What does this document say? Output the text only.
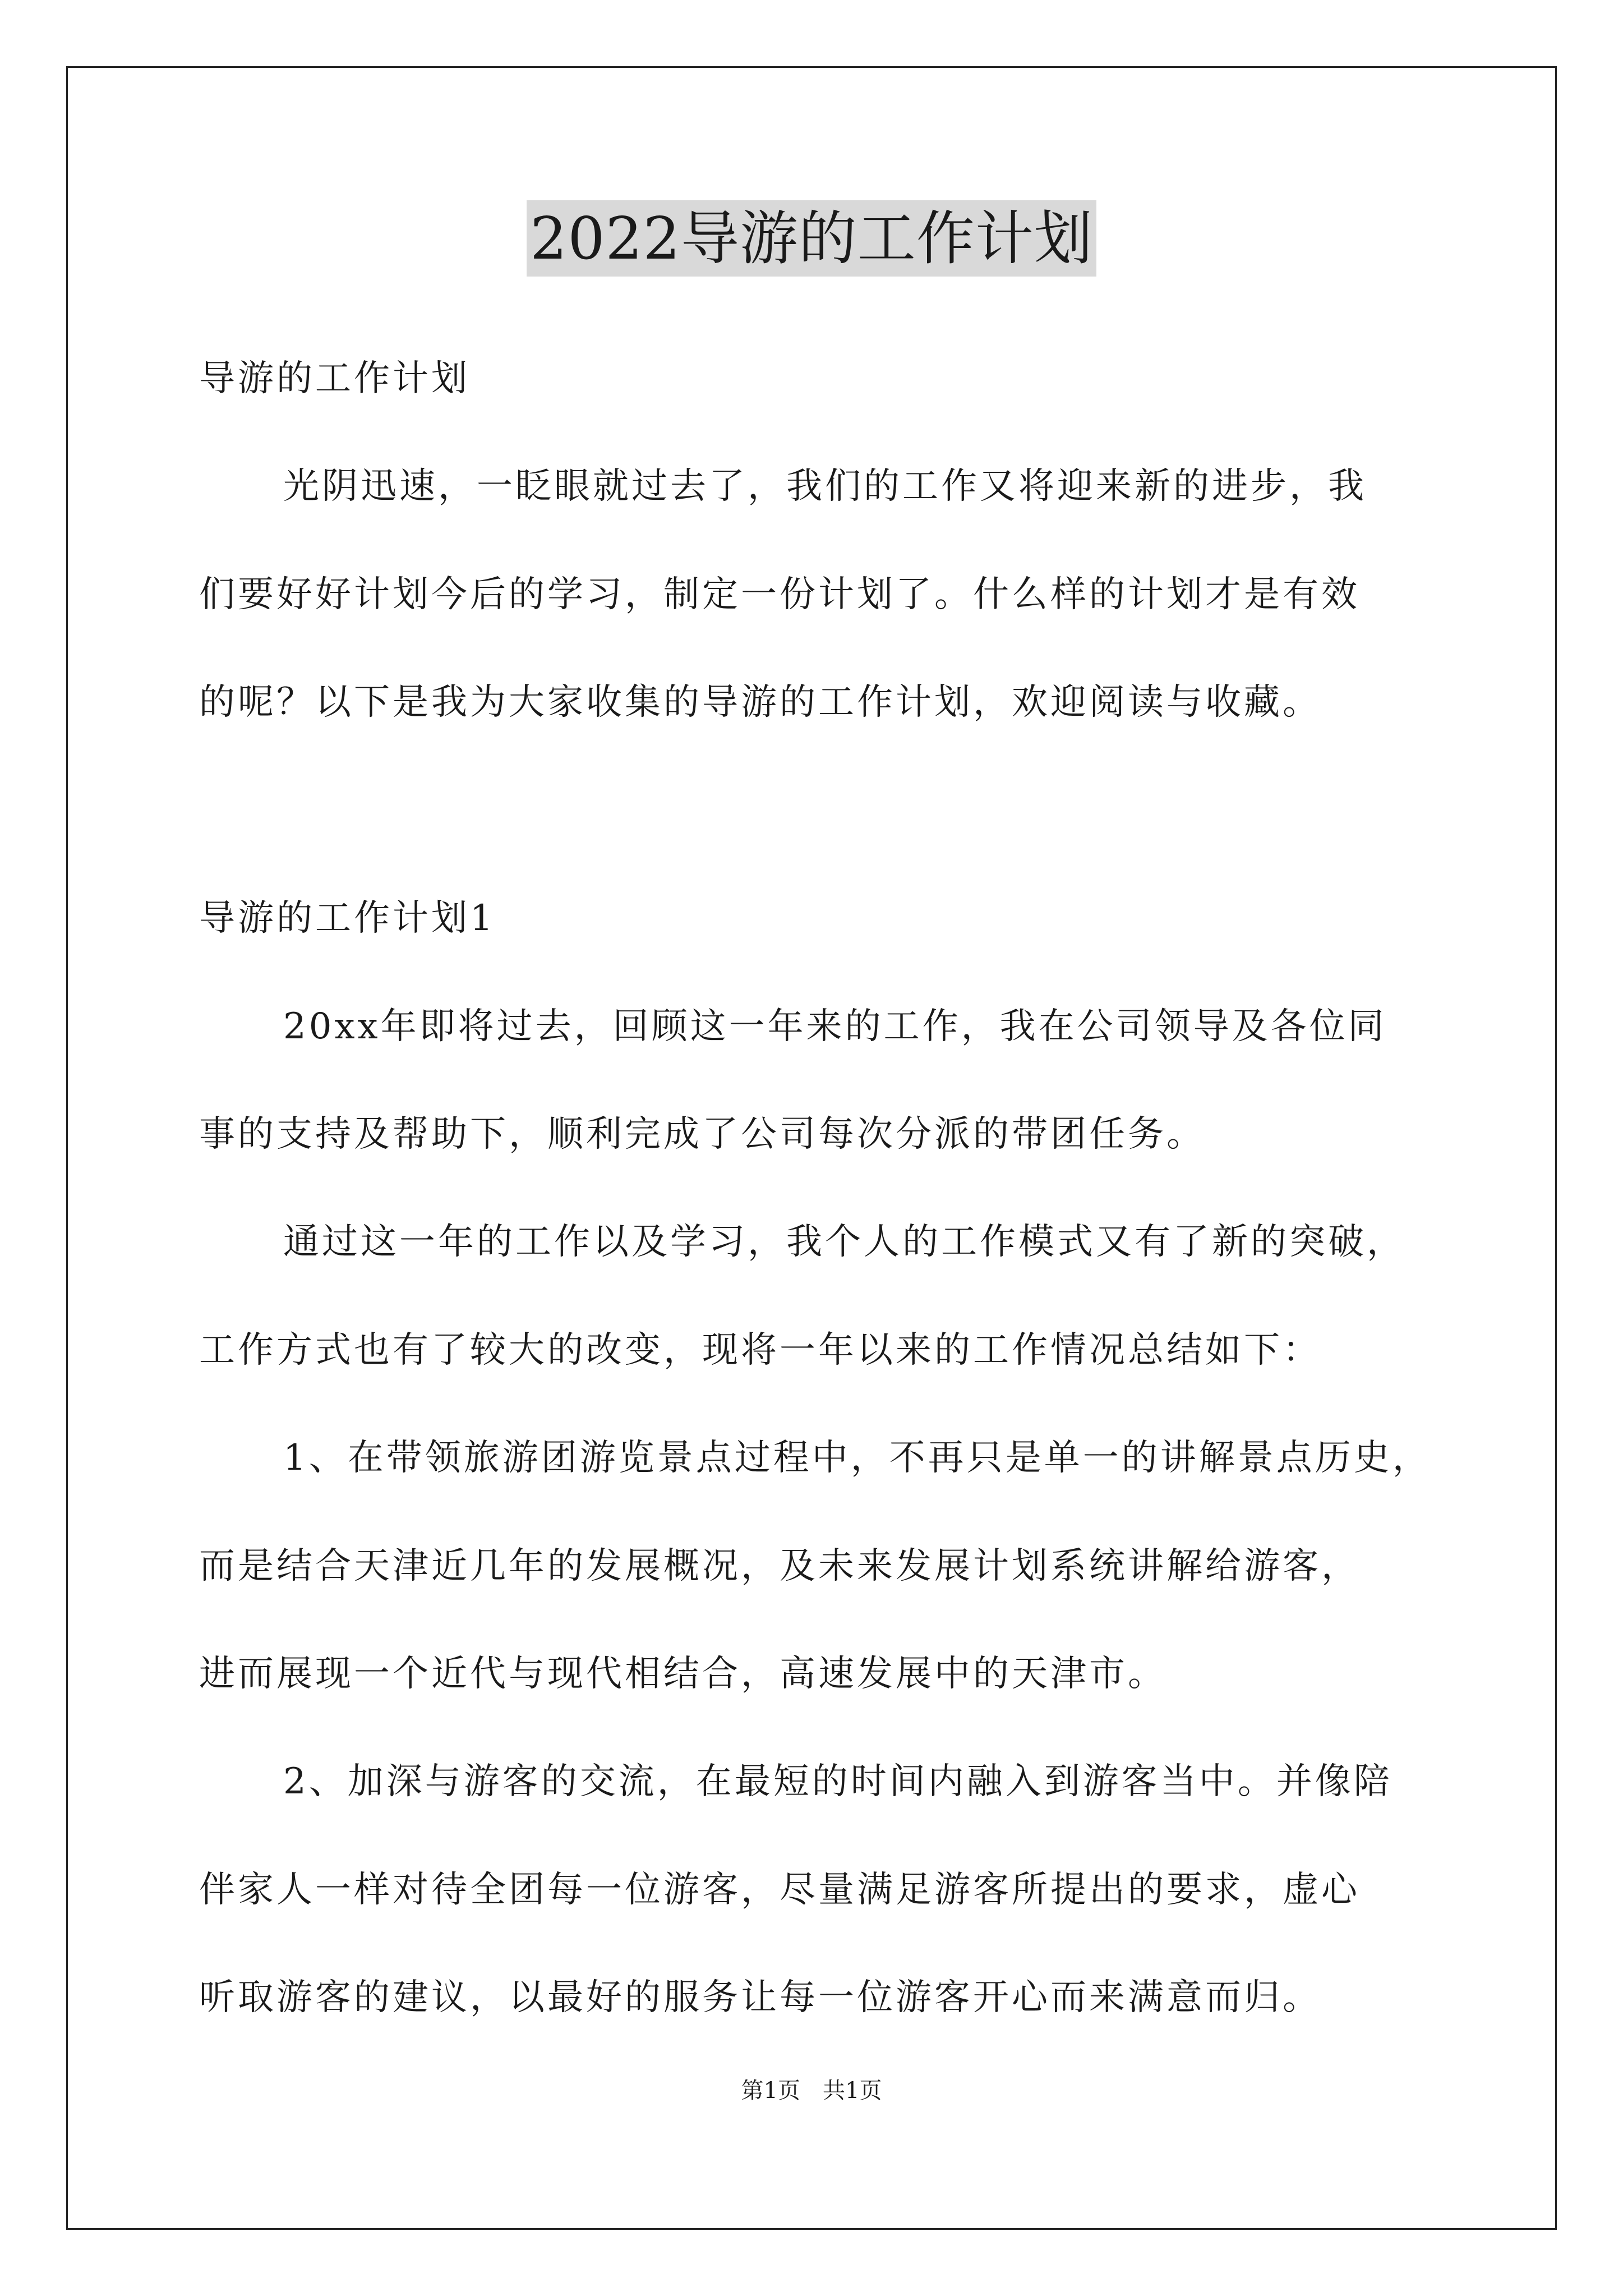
2022导游的工作计划
导游的工作计划
光阴迅速，一眨眼就过去了，我们的工作又将迎来新的进步，我
们要好好计划今后的学习，制定一份计划了。什么样的计划才是有效
的呢？以下是我为大家收集的导游的工作计划，欢迎阅读与收藏。
导游的工作计划1
20xx年即将过去，回顾这一年来的工作，我在公司领导及各位同
事的支持及帮助下，顺利完成了公司每次分派的带团任务。
通过这一年的工作以及学习，我个人的工作模式又有了新的突破，
工作方式也有了较大的改变，现将一年以来的工作情况总结如下：
1、在带领旅游团游览景点过程中，不再只是单一的讲解景点历史，
而是结合天津近几年的发展概况，及未来发展计划系统讲解给游客，
进而展现一个近代与现代相结合，高速发展中的天津市。
2、加深与游客的交流，在最短的时间内融入到游客当中。并像陪
伴家人一样对待全团每一位游客，尽量满足游客所提出的要求，虚心
听取游客的建议，以最好的服务让每一位游客开心而来满意而归。
第1页　共1页
